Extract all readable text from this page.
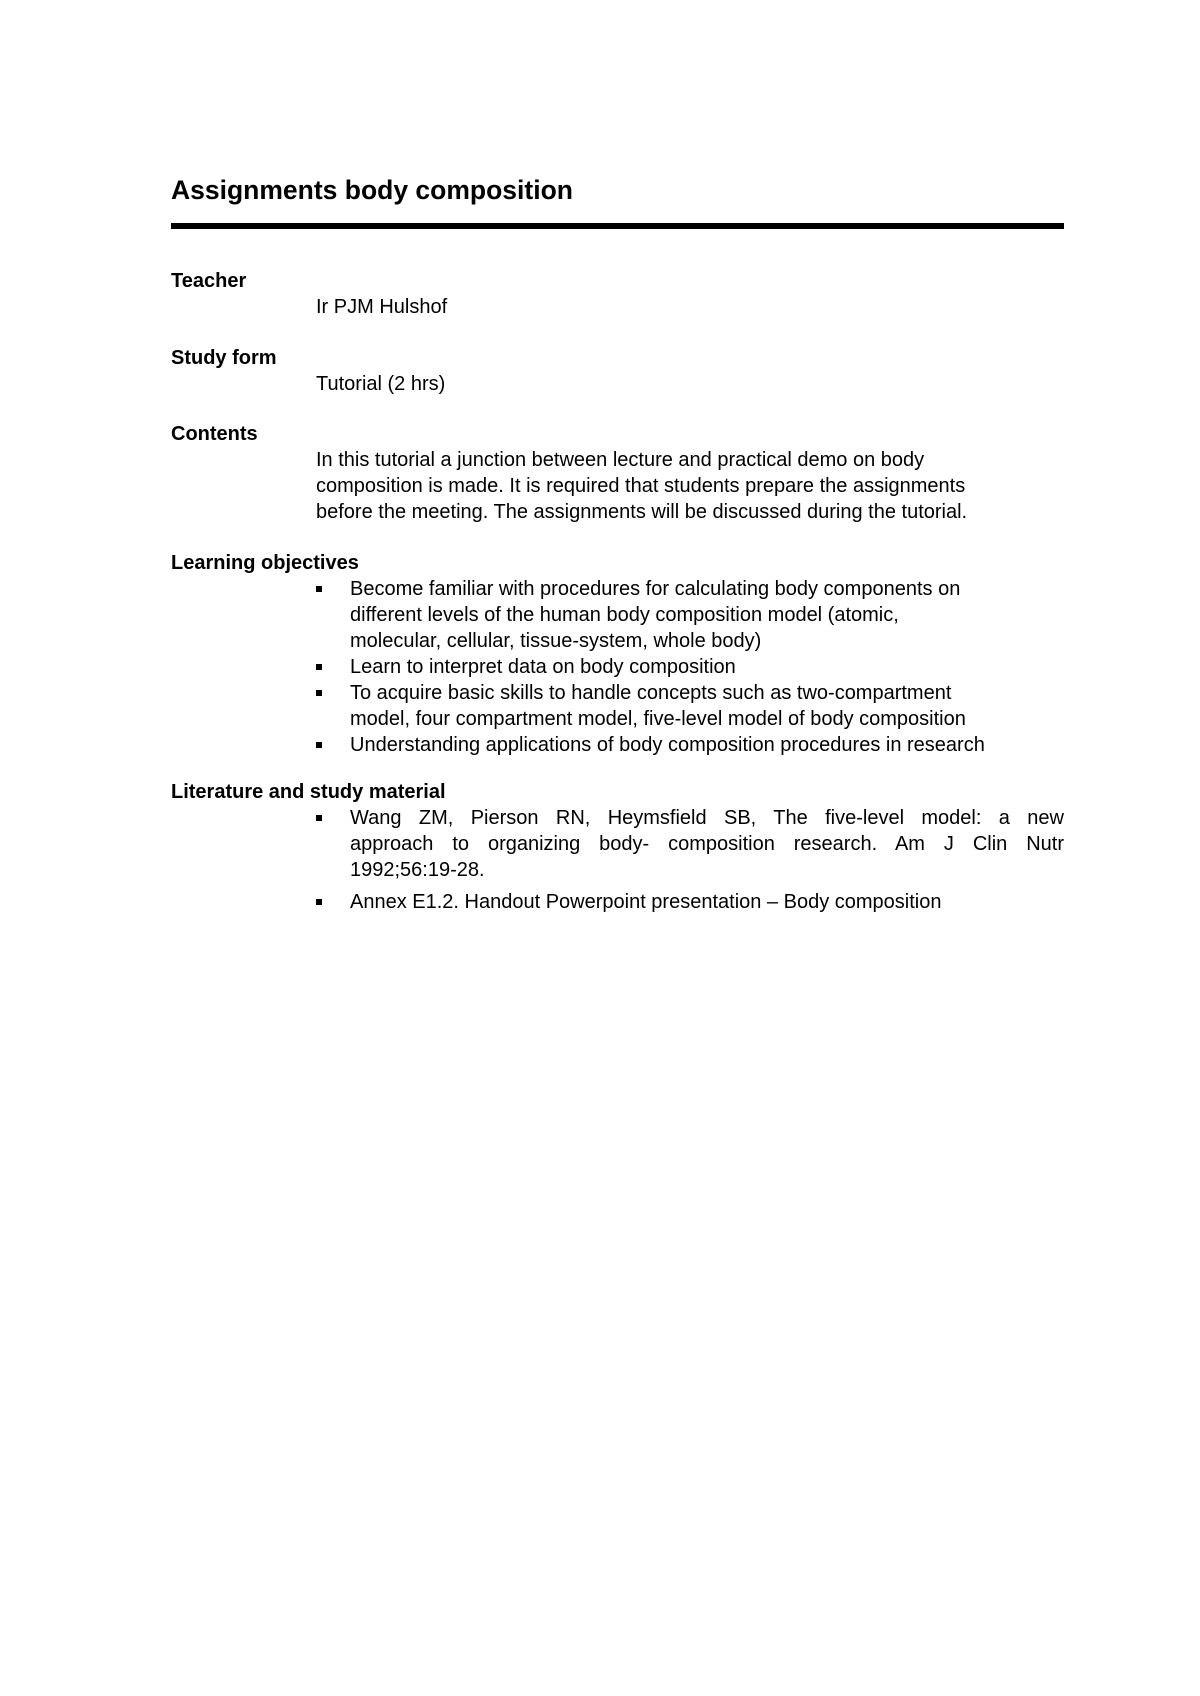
Assignments body composition
Teacher

Ir PJM Hulshof

Study form

Tutorial (2 hrs)

Contents
In this tutorial a junction between lecture and practical demo on body
composition is made. It is required that students prepare the assignments
before the meeting. The assignments will be discussed during the tutorial.
Learning objectives
Become familiar with procedures for calculating body components on
different levels of the human body composition model (atomic,
molecular, cellular, tissue-system, whole body)
Learn to interpret data on body composition
To acquire basic skills to handle concepts such as two-compartment
model, four compartment model, five-level model of body composition
Understanding applications of body composition procedures in research
Literature and study material
Wang ZM, Pierson RN, Heymsfield SB, The five-level model: a new
approach to organizing body- composition research. Am J Clin Nutr
1992;56:19-28.
Annex E1.2. Handout Powerpoint presentation – Body composition
